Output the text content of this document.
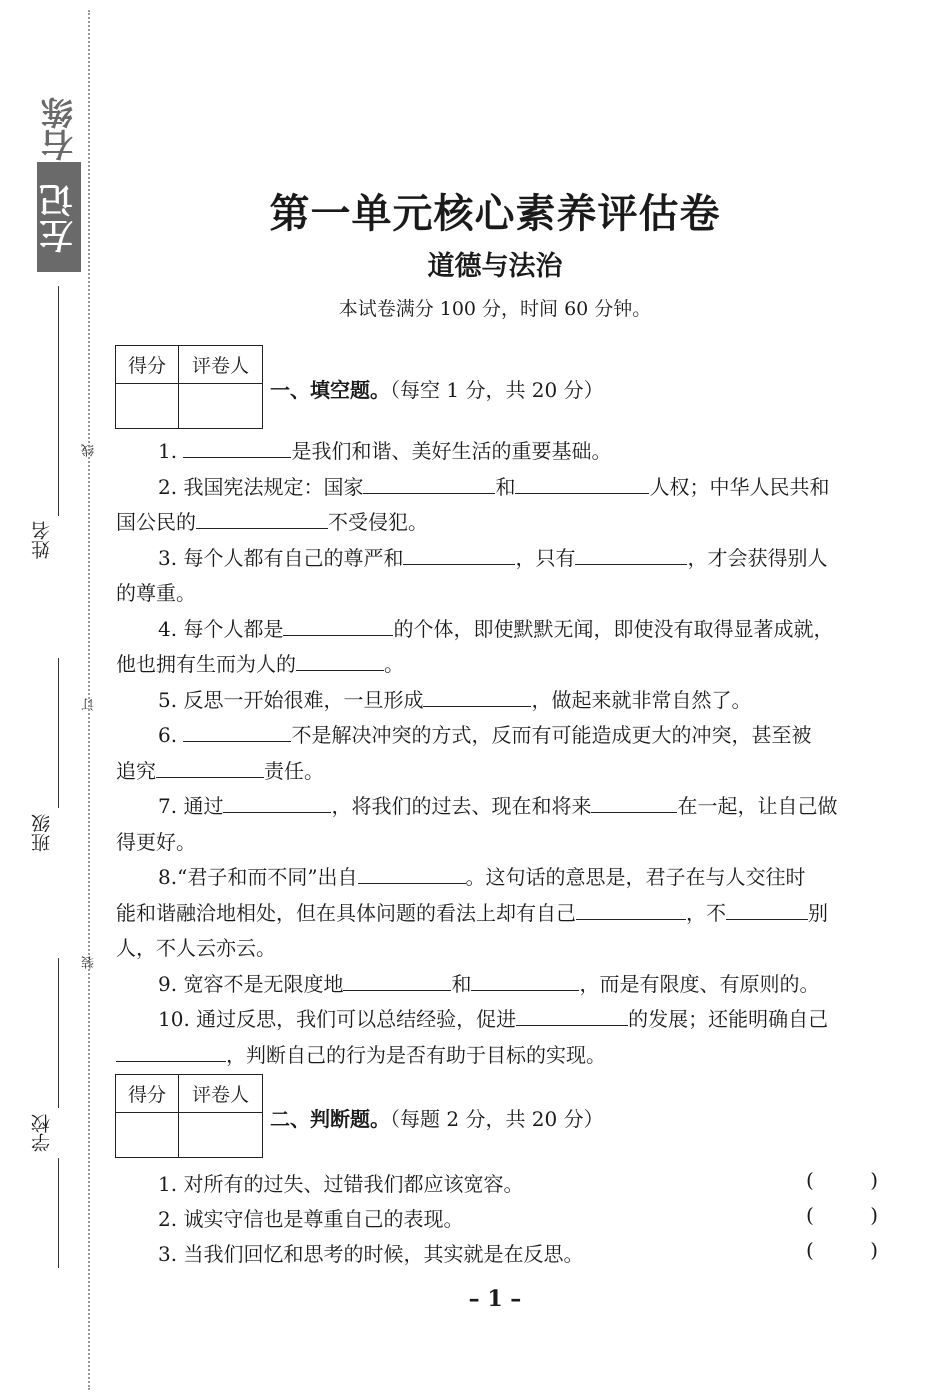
右练
左记
姓名
班级
学校
线
订
装
第一单元核心素养评估卷
道德与法治
本试卷满分 100 分，时间 60 分钟。
得分	评卷人
一、填空题。（每空 1 分，共 20 分）
1.	是我们和谐、美好生活的重要基础。
2. 我国宪法规定：国家	和	人权；中华人民共和
国公民的	不受侵犯。
3. 每个人都有自己的尊严和	，只有	，才会获得别人
的尊重。
4. 每个人都是	的个体，即使默默无闻，即使没有取得显著成就，
他也拥有生而为人的	。
5. 反思一开始很难，一旦形成	，做起来就非常自然了。
6.	不是解决冲突的方式，反而有可能造成更大的冲突，甚至被
追究	责任。
7. 通过	，将我们的过去、现在和将来	在一起，让自己做
得更好。
8.“君子和而不同”出自	。这句话的意思是，君子在与人交往时
能和谐融洽地相处，但在具体问题的看法上却有自己	，不	别
人，不人云亦云。
9. 宽容不是无限度地	和	，而是有限度、有原则的。
10. 通过反思，我们可以总结经验，促进	的发展；还能明确自己
，判断自己的行为是否有助于目标的实现。
得分	评卷人
二、判断题。（每题 2 分，共 20 分）
1. 对所有的过失、过错我们都应该宽容。	(	)
2. 诚实守信也是尊重自己的表现。	(	)
3. 当我们回忆和思考的时候，其实就是在反思。	(	)
– 1 –
